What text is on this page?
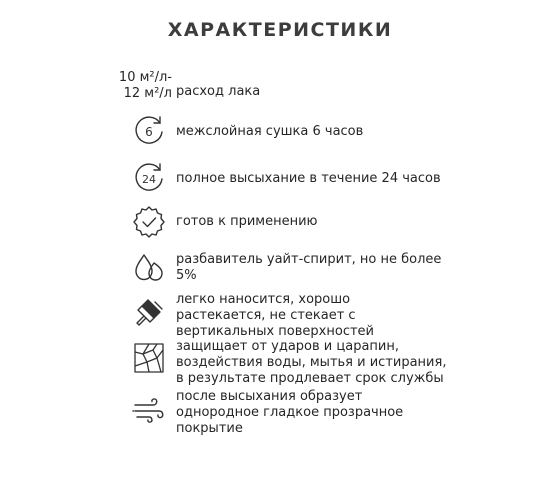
ХАРАКТЕРИСТИКИ
10 м²/л-
12 м²/л расход лака
6 межслойная сушка 6 часов
24 полное высыхание в течение 24 часов
готов к применению
разбавитель уайт-спирит, но не более
5%
легко наносится, хорошо
растекается, не стекает с
вертикальных поверхностей
защищает от ударов и царапин,
воздействия воды, мытья и истирания,
в результате продлевает срок службы
после высыхания образует
однородное гладкое прозрачное
покрытие
